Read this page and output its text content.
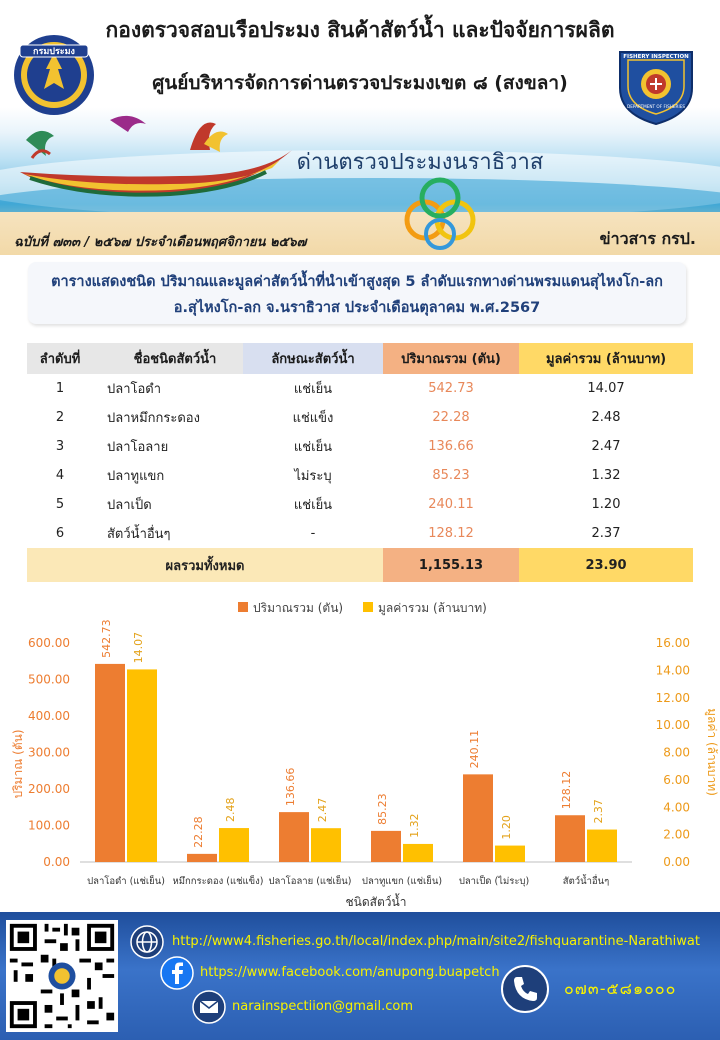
กรมประมง	FISHERY INSPECTION
DEPARTMENT OF FISHERIES
กองตรวจสอบเรือประมง สินค้าสัตว์น้ำ และปัจจัยการผลิต
ศูนย์บริหารจัดการด่านตรวจประมงเขต ๘ (สงขลา)
ด่านตรวจประมงนราธิวาส
ฉบับที่ ๗๓๓ / ๒๕๖๗ ประจำเดือนพฤศจิกายน ๒๕๖๗	ข่าวสาร กรป.
ตารางแสดงชนิด ปริมาณและมูลค่าสัตว์น้ำที่นำเข้าสูงสุด 5 ลำดับแรกทางด่านพรมแดนสุไหงโก-ลก
อ.สุไหงโก-ลก จ.นราธิวาส ประจำเดือนตุลาคม พ.ศ.2567
ลำดับที่	ชื่อชนิดสัตว์น้ำ	ลักษณะสัตว์น้ำ	ปริมาณรวม (ตัน)	มูลค่ารวม (ล้านบาท)
1	ปลาโอดำ	แช่เย็น	542.73	14.07
2	ปลาหมึกกระดอง	แช่แข็ง	22.28	2.48
3	ปลาโอลาย	แช่เย็น	136.66	2.47
4	ปลาทูแขก	ไม่ระบุ	85.23	1.32
5	ปลาเป็ด	แช่เย็น	240.11	1.20
6	สัตว์น้ำอื่นๆ	-	128.12	2.37
ผลรวมทั้งหมด			1,155.13	23.90
ปริมาณรวม (ตัน)	มูลค่ารวม (ล้านบาท)
ปริมาณ (ตัน)	มูลค่า (ล้านบาท)
ชนิดสัตว์น้ำ
0.00
100.00
200.00
300.00
400.00
500.00
600.00
0.00
2.00
4.00
6.00
8.00
10.00
12.00
14.00
16.00
542.73 14.07
ปลาโอดำ (แช่เย็น)
22.28
2.48
หมึกกระดอง (แช่แข็ง)
136.66
2.47
ปลาโอลาย (แช่เย็น)
85.23
1.32
ปลาทูแขก (แช่เย็น)
240.11
1.20
ปลาเป็ด (ไม่ระบุ)
128.12
2.37
สัตว์น้ำอื่นๆ
http://www4.fisheries.go.th/local/index.php/main/site2/fishquarantine-Narathiwat
https://www.facebook.com/anupong.buapetch
narainspectiion@gmail.com
๐๗๓-๕๘๑๐๐๐
